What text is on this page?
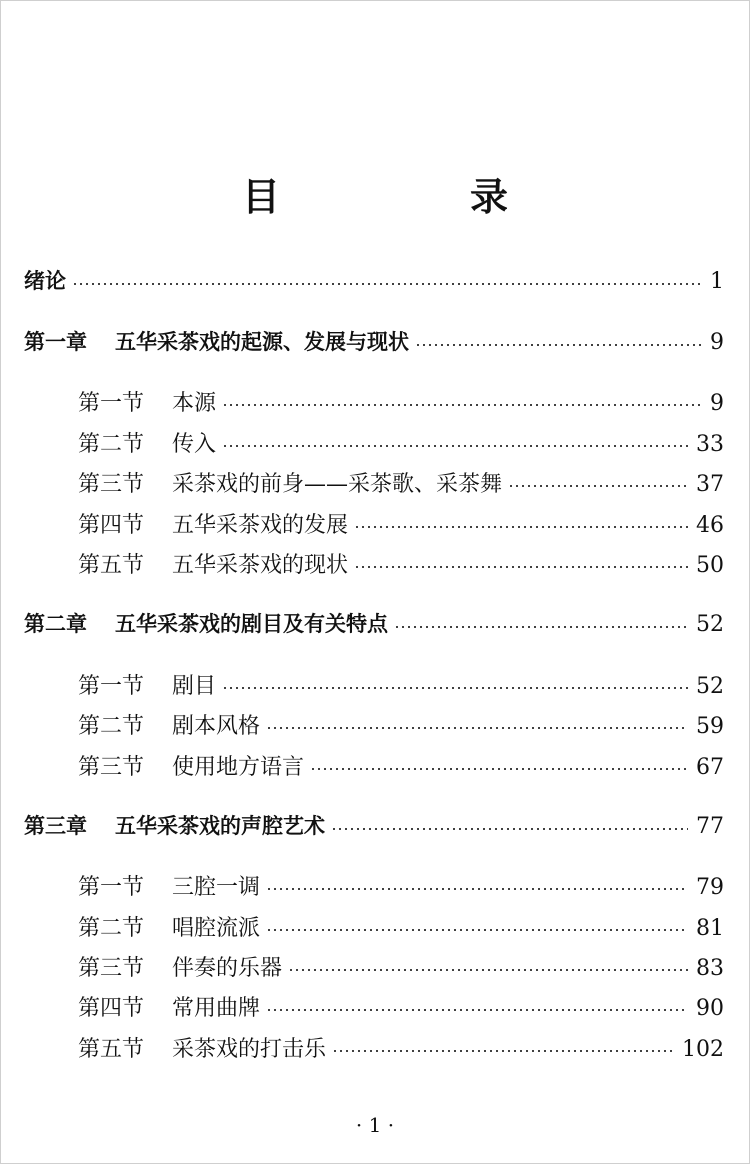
目　录
绪论	1
第一章 五华采茶戏的起源、发展与现状	9
第一节 本源	9
第二节 传入	33
第三节 采茶戏的前身——采茶歌、采茶舞	37
第四节 五华采茶戏的发展	46
第五节 五华采茶戏的现状	50
第二章 五华采茶戏的剧目及有关特点	52
第一节 剧目	52
第二节 剧本风格	59
第三节 使用地方语言	67
第三章 五华采茶戏的声腔艺术	77
第一节 三腔一调	79
第二节 唱腔流派	81
第三节 伴奏的乐器	83
第四节 常用曲牌	90
第五节 采茶戏的打击乐	102
· 1 ·
